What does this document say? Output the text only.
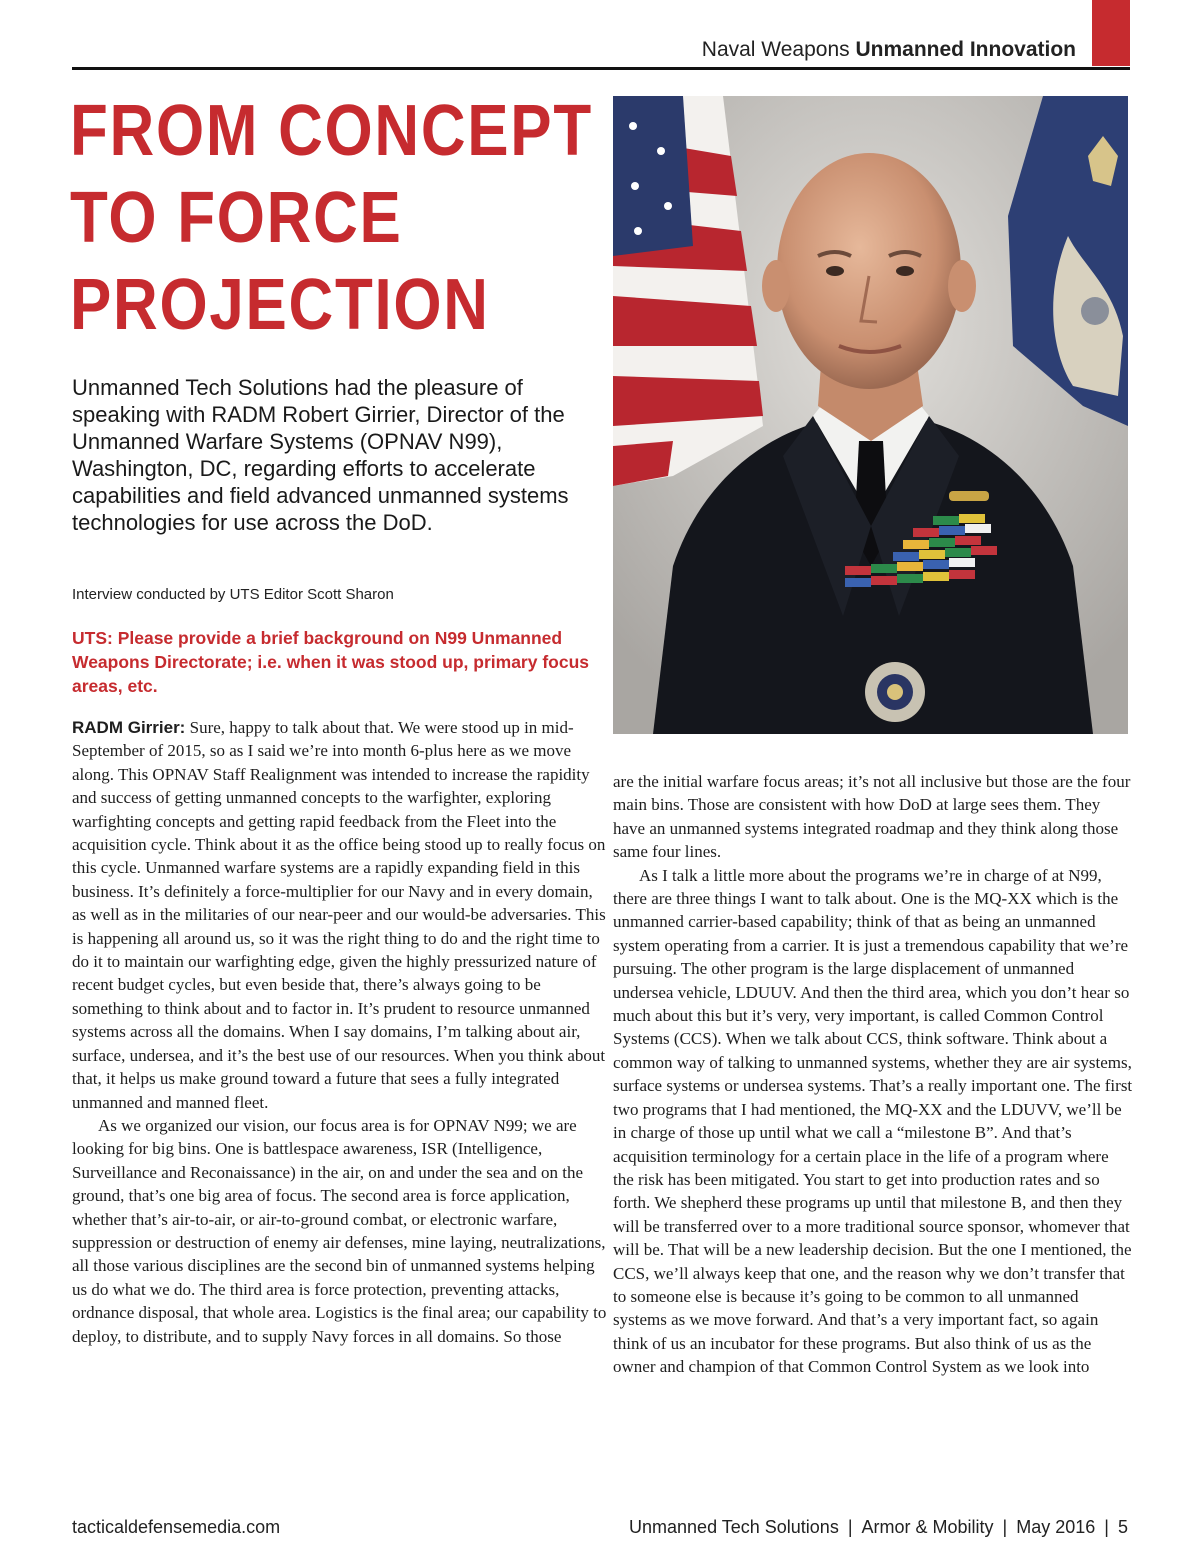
Naval Weapons Unmanned Innovation
FROM CONCEPT
TO FORCE
PROJECTION

Unmanned Tech Solutions had the pleasure of speaking with RADM Robert Girrier, Director of the Unmanned Warfare Systems (OPNAV N99), Washington, DC, regarding efforts to accelerate capabilities and field advanced unmanned systems technologies for use across the DoD.

Interview conducted by UTS Editor Scott Sharon

UTS: Please provide a brief background on N99 Unmanned Weapons Directorate; i.e. when it was stood up, primary focus areas, etc.

RADM Girrier: Sure, happy to talk about that. We were stood up in mid-September of 2015, so as I said we’re into month 6-plus here as we move along. This OPNAV Staff Realignment was intended to increase the rapidity and success of getting unmanned concepts to the warfighter, exploring warfighting concepts and getting rapid feedback from the Fleet into the acquisition cycle. Think about it as the office being stood up to really focus on this cycle. Unmanned warfare systems are a rapidly expanding field in this business. It’s definitely a force-multiplier for our Navy and in every domain, as well as in the militaries of our near-peer and our would-be adversaries. This is happening all around us, so it was the right thing to do and the right time to do it to maintain our warfighting edge, given the highly pressurized nature of recent budget cycles, but even beside that, there’s always going to be something to think about and to factor in. It’s prudent to resource unmanned systems across all the domains. When I say domains, I’m talking about air, surface, undersea, and it’s the best use of our resources. When you think about that, it helps us make ground toward a future that sees a fully integrated unmanned and manned fleet.

As we organized our vision, our focus area is for OPNAV N99; we are looking for big bins. One is battlespace awareness, ISR (Intelligence, Surveillance and Reconaissance) in the air, on and under the sea and on the ground, that’s one big area of focus. The second area is force application, whether that’s air-to-air, or air-to-ground combat, or electronic warfare, suppression or destruction of enemy air defenses, mine laying, neutralizations, all those various disciplines are the second bin of unmanned systems helping us do what we do. The third area is force protection, preventing attacks, ordnance disposal, that whole area. Logistics is the final area; our capability to deploy, to distribute, and to supply Navy forces in all domains. So those

are the initial warfare focus areas; it’s not all inclusive but those are the four main bins. Those are consistent with how DoD at large sees them. They have an unmanned systems integrated roadmap and they think along those same four lines.

As I talk a little more about the programs we’re in charge of at N99, there are three things I want to talk about. One is the MQ-XX which is the unmanned carrier-based capability; think of that as being an unmanned system operating from a carrier. It is just a tremendous capability that we’re pursuing. The other program is the large displacement of unmanned undersea vehicle, LDUUV. And then the third area, which you don’t hear so much about this but it’s very, very important, is called Common Control Systems (CCS). When we talk about CCS, think software. Think about a common way of talking to unmanned systems, whether they are air systems, surface systems or undersea systems. That’s a really important one. The first two programs that I had mentioned, the MQ-XX and the LDUVV, we’ll be in charge of those up until what we call a “milestone B”. And that’s acquisition terminology for a certain place in the life of a program where the risk has been mitigated. You start to get into production rates and so forth. We shepherd these programs up until that milestone B, and then they will be transferred over to a more traditional source sponsor, whomever that will be. That will be a new leadership decision. But the one I mentioned, the CCS, we’ll always keep that one, and the reason why we don’t transfer that to someone else is because it’s going to be common to all unmanned systems as we move forward. And that’s a very important fact, so again think of us an incubator for these programs. But also think of us as the owner and champion of that Common Control System as we look into

tacticaldefensemedia.com	Unmanned Tech Solutions | Armor & Mobility | May 2016 | 5
